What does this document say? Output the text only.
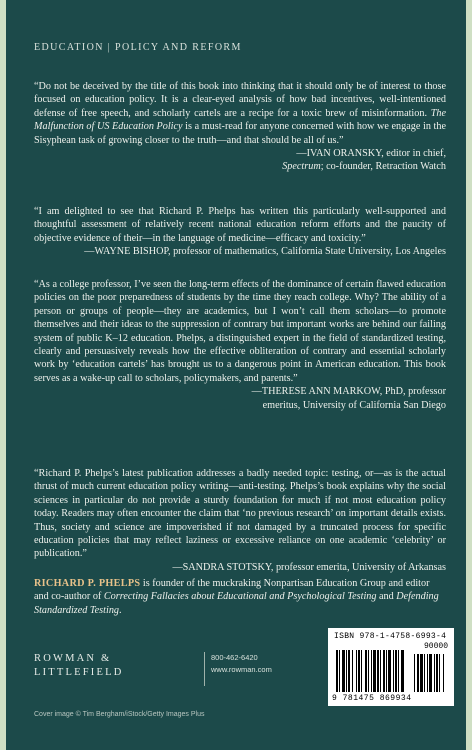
EDUCATION | POLICY AND REFORM

“Do not be deceived by the title of this book into thinking that it should only be of interest to those focused on education policy. It is a clear-eyed analysis of how bad incentives, well-intentioned defense of free speech, and scholarly cartels are a recipe for a toxic brew of misinformation. The Malfunction of US Education Policy is a must-read for anyone concerned with how we engage in the Sisyphean task of growing closer to the truth—and that should be all of us.”

—IVAN ORANSKY, editor in chief,
Spectrum; co-founder, Retraction Watch

“I am delighted to see that Richard P. Phelps has written this particularly well-supported and thoughtful assessment of relatively recent national education reform efforts and the paucity of objective evidence of their—in the language of medicine—efficacy and toxicity.”

—WAYNE BISHOP, professor of mathematics, California State University, Los Angeles

“As a college professor, I’ve seen the long-term effects of the dominance of certain flawed education policies on the poor preparedness of students by the time they reach college. Why? The ability of a person or groups of people—they are academics, but I won’t call them scholars—to promote themselves and their ideas to the suppression of contrary but important works are behind our failing system of public K–12 education. Phelps, a distinguished expert in the field of standardized testing, clearly and persuasively reveals how the effective obliteration of contrary and essential scholarly work by ‘education cartels’ has brought us to a dangerous point in American education. This book serves as a wake-up call to scholars, policymakers, and parents.”

—THERESE ANN MARKOW, PhD, professor
emeritus, University of California San Diego

“Richard P. Phelps’s latest publication addresses a badly needed topic: testing, or—as is the actual thrust of much current education policy writing—anti-testing. Phelps’s book explains why the social sciences in particular do not provide a sturdy foundation for much if not most education policy today. Readers may often encounter the claim that ‘no previous research’ on important details exists. Thus, society and science are impoverished if not damaged by a truncated process for specific education policies that may reflect laziness or excessive reliance on one academic ‘celebrity’ or publication.”

—SANDRA STOTSKY, professor emerita, University of Arkansas
RICHARD P. PHELPS is founder of the muckraking Nonpartisan Education Group and editor and co-author of Correcting Fallacies about Educational and Psychological Testing and Defending Standardized Testing.
ROWMAN &
LITTLEFIELD
800-462-6420
www.rowman.com
Cover image © Tim Bergham/iStock/Getty Images Plus
ISBN 978-1-4758-6993-4
90000
9 781475 869934
